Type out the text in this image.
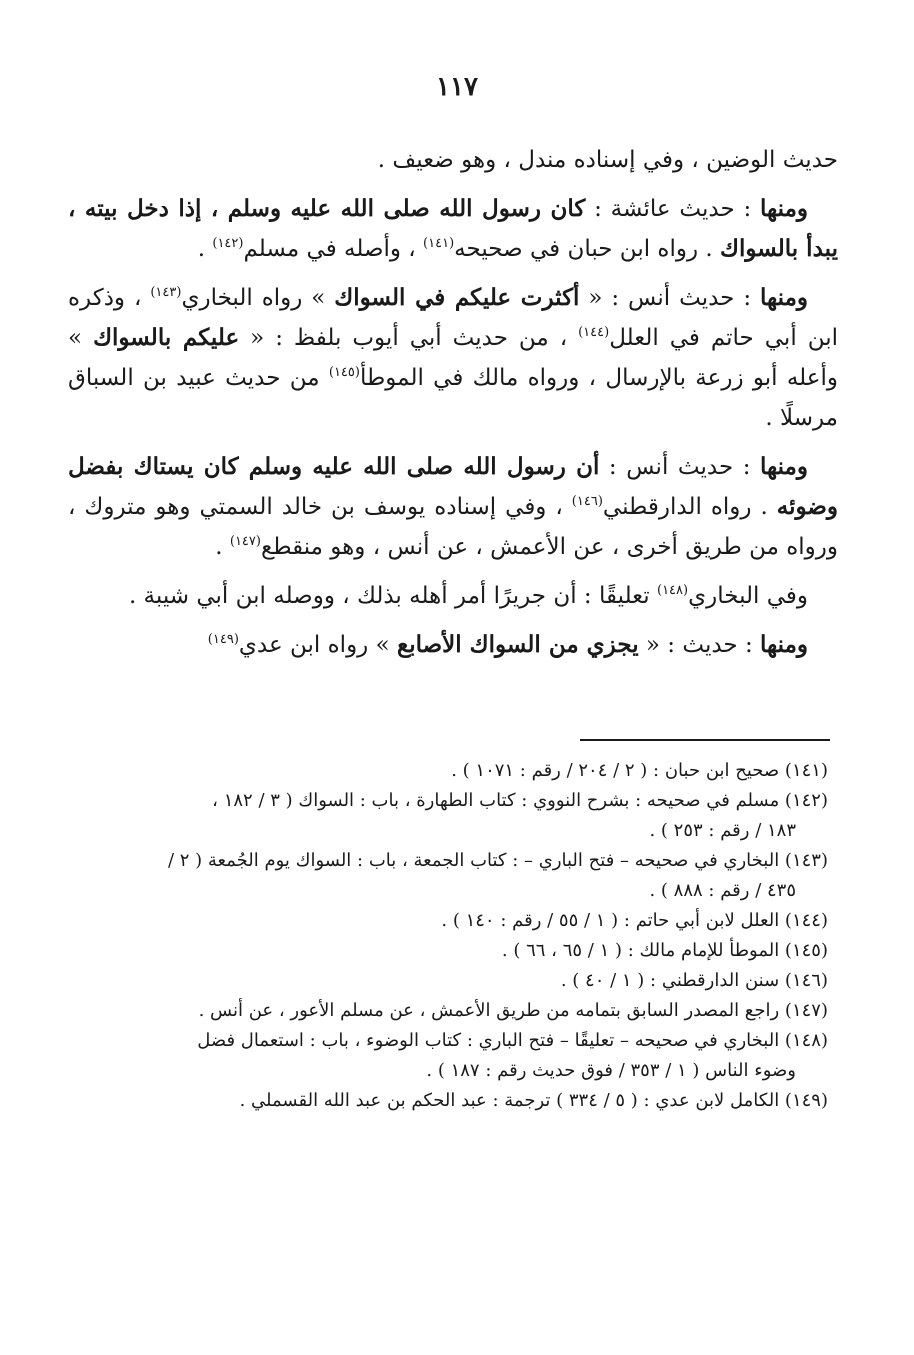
١١٧

حديث الوضين ، وفي إسناده مندل ، وهو ضعيف .

ومنها : حديث عائشة : كان رسول الله صلى الله عليه وسلم ، إذا دخل بيته ، يبدأ بالسواك . رواه ابن حبان في صحيحه$^{(١٤١)}$ ، وأصله في مسلم$^{(١٤٢)}$ .

ومنها : حديث أنس : « أكثرت عليكم في السواك » رواه البخاري$^{(١٤٣)}$ ، وذكره ابن أبي حاتم في العلل$^{(١٤٤)}$ ، من حديث أبي أيوب بلفظ : « عليكم بالسواك » وأعله أبو زرعة بالإرسال ، ورواه مالك في الموطأ$^{(١٤٥)}$ من حديث عبيد بن السباق مرسلًا .

ومنها : حديث أنس : أن رسول الله صلى الله عليه وسلم كان يستاك بفضل وضوئه . رواه الدارقطني$^{(١٤٦)}$ ، وفي إسناده يوسف بن خالد السمتي وهو متروك ، ورواه من طريق أخرى ، عن الأعمش ، عن أنس ، وهو منقطع$^{(١٤٧)}$ .

وفي البخاري$^{(١٤٨)}$ تعليقًا : أن جريرًا أمر أهله بذلك ، ووصله ابن أبي شيبة .

ومنها : حديث : « يجزي من السواك الأصابع » رواه ابن عدي$^{(١٤٩)}$

(١٤١) صحيح ابن حبان : ( ٢ / ٢٠٤ / رقم : ١٠٧١ ) .

(١٤٢) مسلم في صحيحه : بشرح النووي : كتاب الطهارة ، باب : السواك ( ٣ / ١٨٢ ،

١٨٣ / رقم : ٢٥٣ ) .

(١٤٣) البخاري في صحيحه – فتح الباري – : كتاب الجمعة ، باب : السواك يوم الجُمعة ( ٢ /

٤٣٥ / رقم : ٨٨٨ ) .

(١٤٤) العلل لابن أبي حاتم : ( ١ / ٥٥ / رقم : ١٤٠ ) .

(١٤٥) الموطأ للإمام مالك : ( ١ / ٦٥ ، ٦٦ ) .

(١٤٦) سنن الدارقطني : ( ١ / ٤٠ ) .

(١٤٧) راجع المصدر السابق بتمامه من طريق الأعمش ، عن مسلم الأعور ، عن أنس .

(١٤٨) البخاري في صحيحه – تعليقًا – فتح الباري : كتاب الوضوء ، باب : استعمال فضل

وضوء الناس ( ١ / ٣٥٣ / فوق حديث رقم : ١٨٧ ) .

(١٤٩) الكامل لابن عدي : ( ٥ / ٣٣٤ ) ترجمة : عبد الحكم بن عبد الله القسملي .
